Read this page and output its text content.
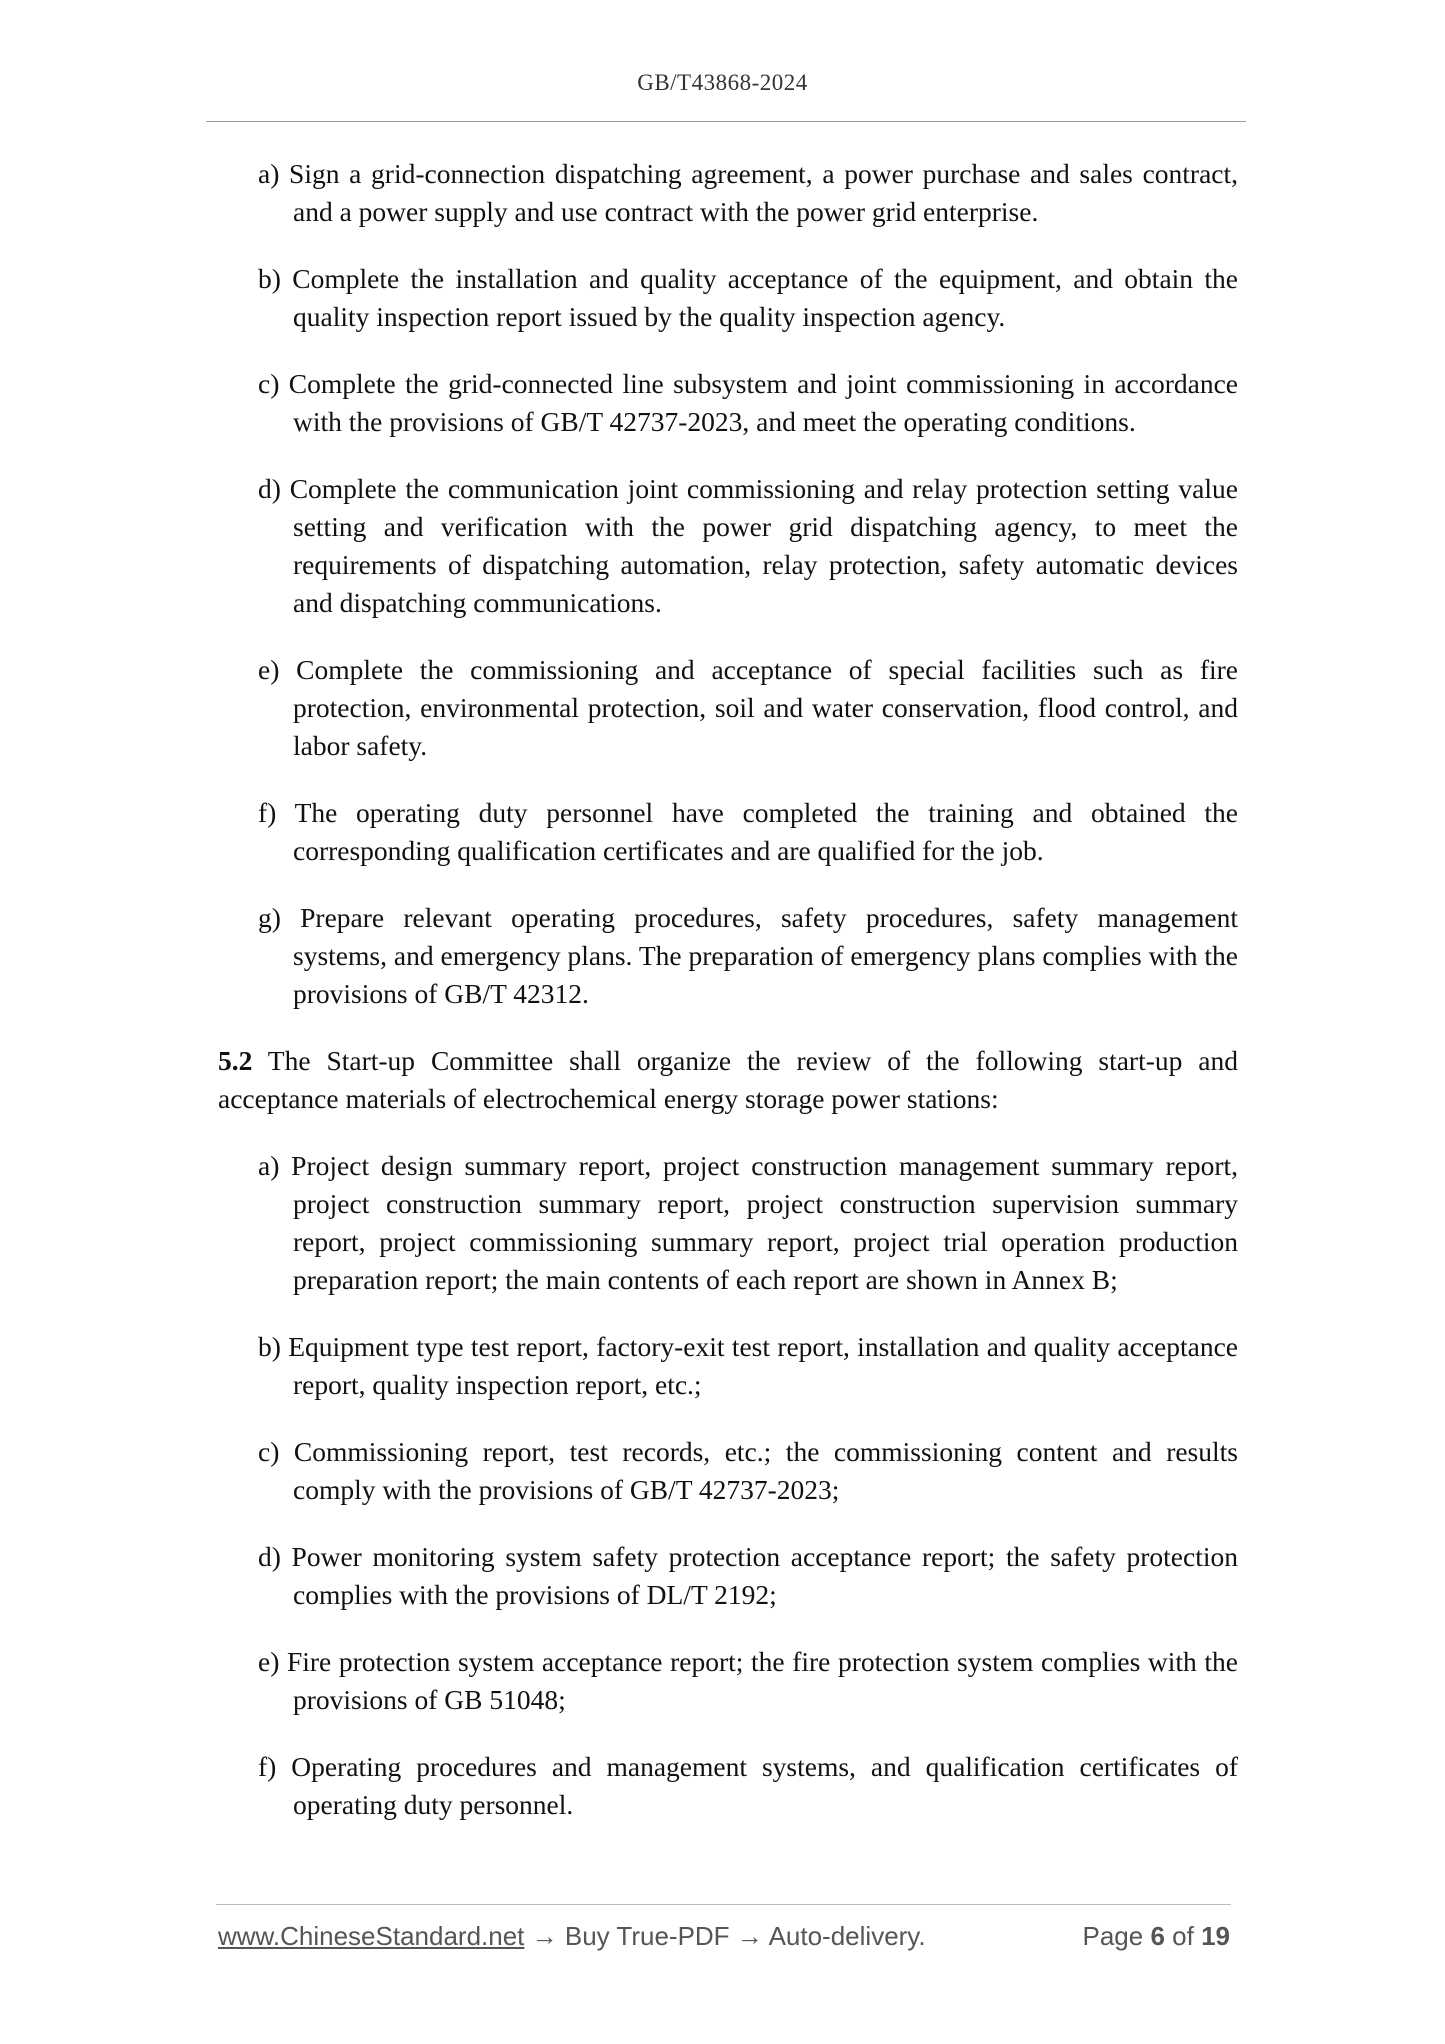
GB/T43868-2024

a) Sign a grid-connection dispatching agreement, a power purchase and sales contract, and a power supply and use contract with the power grid enterprise.

b) Complete the installation and quality acceptance of the equipment, and obtain the quality inspection report issued by the quality inspection agency.

c) Complete the grid-connected line subsystem and joint commissioning in accordance with the provisions of GB/T 42737-2023, and meet the operating conditions.

d) Complete the communication joint commissioning and relay protection setting value setting and verification with the power grid dispatching agency, to meet the requirements of dispatching automation, relay protection, safety automatic devices and dispatching communications.

e) Complete the commissioning and acceptance of special facilities such as fire protection, environmental protection, soil and water conservation, flood control, and labor safety.

f) The operating duty personnel have completed the training and obtained the corresponding qualification certificates and are qualified for the job.

g) Prepare relevant operating procedures, safety procedures, safety management systems, and emergency plans. The preparation of emergency plans complies with the provisions of GB/T 42312.

5.2 The Start-up Committee shall organize the review of the following start-up and acceptance materials of electrochemical energy storage power stations:

a) Project design summary report, project construction management summary report, project construction summary report, project construction supervision summary report, project commissioning summary report, project trial operation production preparation report; the main contents of each report are shown in Annex B;

b) Equipment type test report, factory-exit test report, installation and quality acceptance report, quality inspection report, etc.;

c) Commissioning report, test records, etc.; the commissioning content and results comply with the provisions of GB/T 42737-2023;

d) Power monitoring system safety protection acceptance report; the safety protection complies with the provisions of DL/T 2192;

e) Fire protection system acceptance report; the fire protection system complies with the provisions of GB 51048;

f) Operating procedures and management systems, and qualification certificates of operating duty personnel.

www.ChineseStandard.net → Buy True-PDF → Auto-delivery.	Page 6 of 19
